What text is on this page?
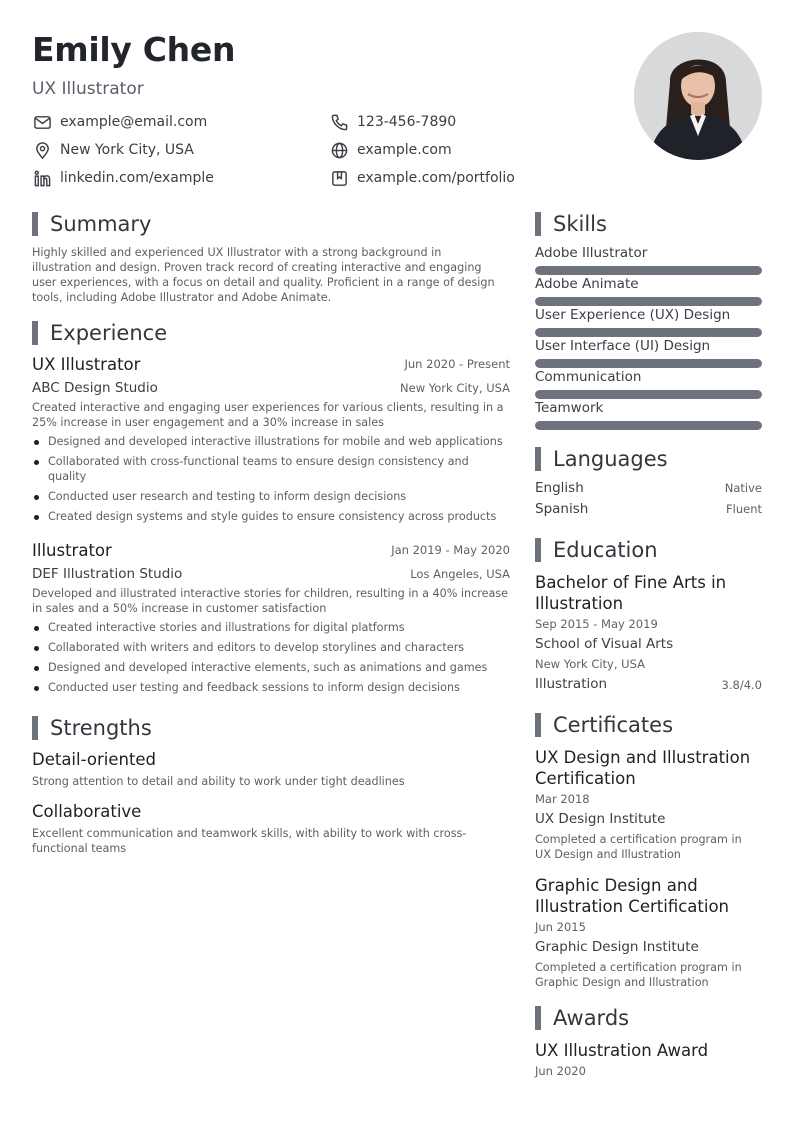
Emily Chen
UX Illustrator
example@email.com
New York City, USA
linkedin.com/example
123-456-7890
example.com
example.com/portfolio
Summary
Highly skilled and experienced UX Illustrator with a strong background in illustration and design. Proven track record of creating interactive and engaging user experiences, with a focus on detail and quality. Proficient in a range of design tools, including Adobe Illustrator and Adobe Animate.
Experience
UX Illustrator	Jun 2020 - Present
ABC Design Studio	New York City, USA
Created interactive and engaging user experiences for various clients, resulting in a 25% increase in user engagement and a 30% increase in sales
Designed and developed interactive illustrations for mobile and web applications
Collaborated with cross-functional teams to ensure design consistency and quality
Conducted user research and testing to inform design decisions
Created design systems and style guides to ensure consistency across products
Illustrator	Jan 2019 - May 2020
DEF Illustration Studio	Los Angeles, USA
Developed and illustrated interactive stories for children, resulting in a 40% increase in sales and a 50% increase in customer satisfaction
Created interactive stories and illustrations for digital platforms
Collaborated with writers and editors to develop storylines and characters
Designed and developed interactive elements, such as animations and games
Conducted user testing and feedback sessions to inform design decisions
Strengths
Detail-oriented
Strong attention to detail and ability to work under tight deadlines
Collaborative
Excellent communication and teamwork skills, with ability to work with cross-functional teams
Skills
Adobe Illustrator
Adobe Animate
User Experience (UX) Design
User Interface (UI) Design
Communication
Teamwork
Languages
English	Native
Spanish	Fluent
Education
Bachelor of Fine Arts in Illustration
Sep 2015 - May 2019
School of Visual Arts
New York City, USA
Illustration	3.8/4.0
Certificates
UX Design and Illustration Certification
Mar 2018
UX Design Institute
Completed a certification program in UX Design and Illustration
Graphic Design and Illustration Certification
Jun 2015
Graphic Design Institute
Completed a certification program in Graphic Design and Illustration
Awards
UX Illustration Award
Jun 2020
